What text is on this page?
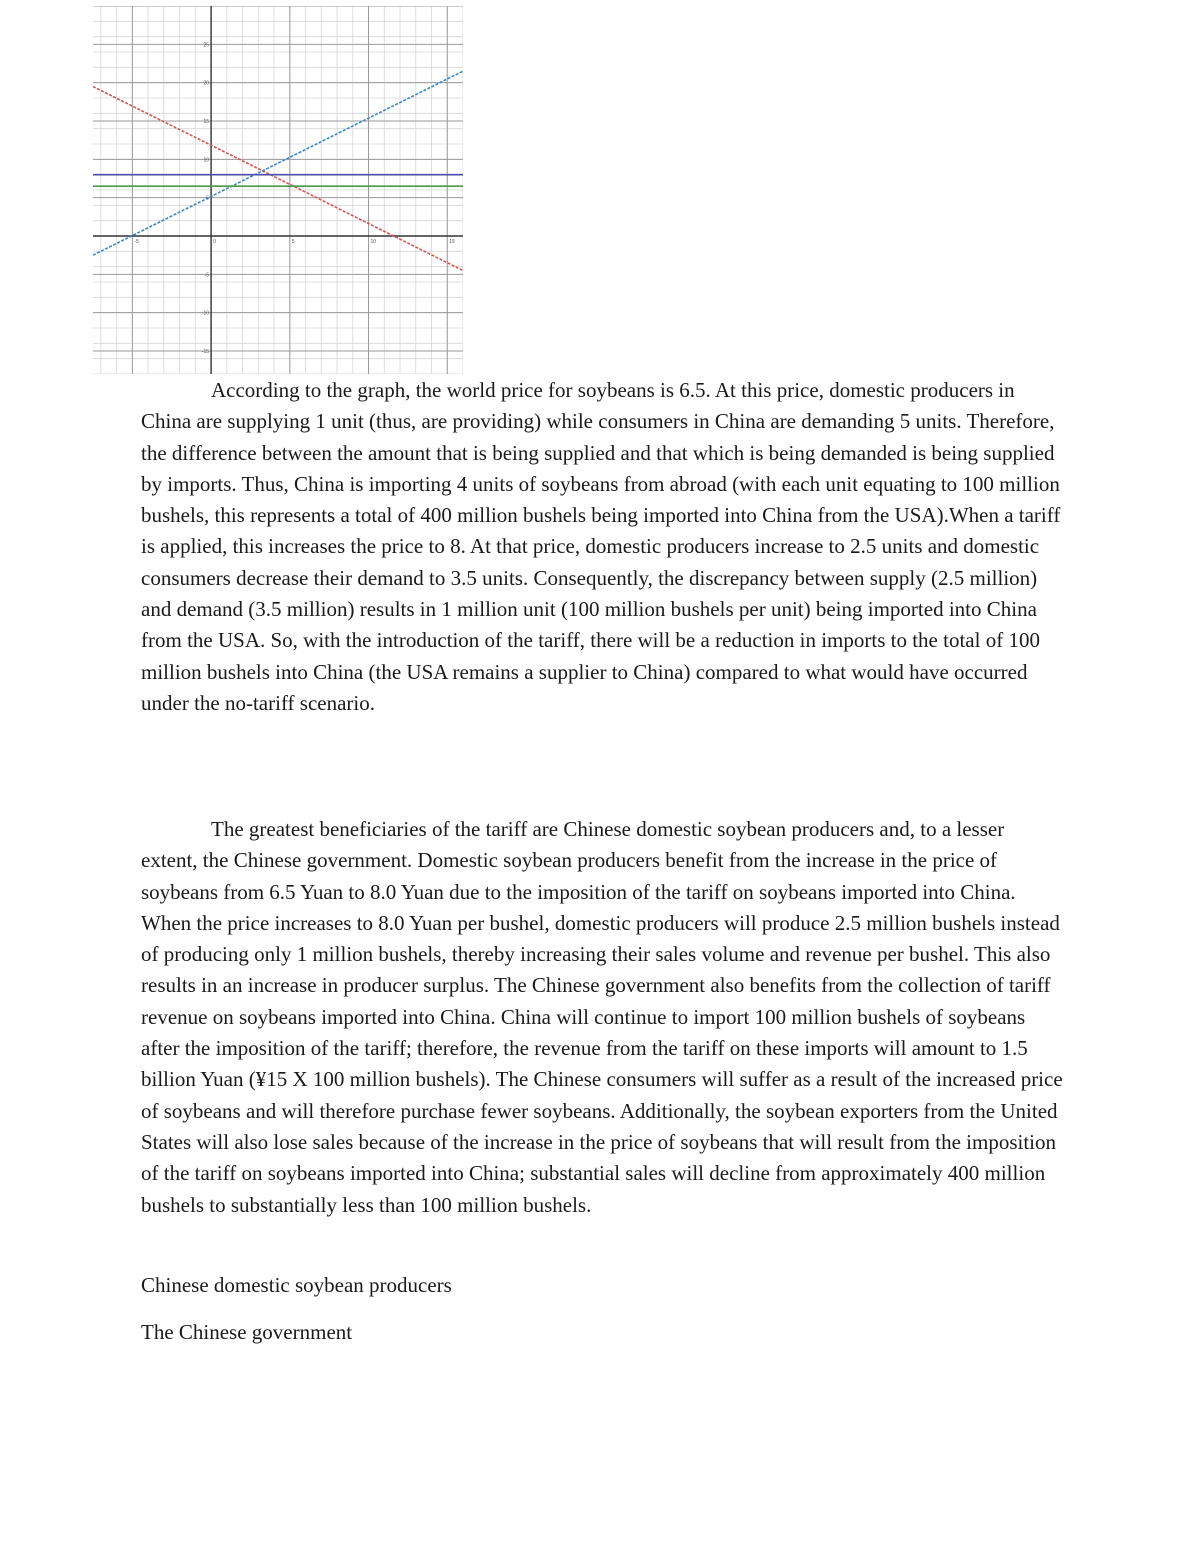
-5	0	5	10	15
-15
-10
-5
5
10
15
20
25

According to the graph, the world price for soybeans is 6.5. At this price, domestic producers in China are supplying 1 unit (thus, are providing) while consumers in China are demanding 5 units. Therefore, the difference between the amount that is being supplied and that which is being demanded is being supplied by imports. Thus, China is importing 4 units of soybeans from abroad (with each unit equating to 100 million bushels, this represents a total of 400 million bushels being imported into China from the USA).When a tariff is applied, this increases the price to 8. At that price, domestic producers increase to 2.5 units and domestic consumers decrease their demand to 3.5 units. Consequently, the discrepancy between supply (2.5 million) and demand (3.5 million) results in 1 million unit (100 million bushels per unit) being imported into China from the USA. So, with the introduction of the tariff, there will be a reduction in imports to the total of 100 million bushels into China (the USA remains a supplier to China) compared to what would have occurred under the no-tariff scenario.

The greatest beneficiaries of the tariff are Chinese domestic soybean producers and, to a lesser extent, the Chinese government. Domestic soybean producers benefit from the increase in the price of soybeans from 6.5 Yuan to 8.0 Yuan due to the imposition of the tariff on soybeans imported into China. When the price increases to 8.0 Yuan per bushel, domestic producers will produce 2.5 million bushels instead of producing only 1 million bushels, thereby increasing their sales volume and revenue per bushel. This also results in an increase in producer surplus. The Chinese government also benefits from the collection of tariff revenue on soybeans imported into China. China will continue to import 100 million bushels of soybeans after the imposition of the tariff; therefore, the revenue from the tariff on these imports will amount to 1.5 billion Yuan (¥15 X 100 million bushels). The Chinese consumers will suffer as a result of the increased price of soybeans and will therefore purchase fewer soybeans. Additionally, the soybean exporters from the United States will also lose sales because of the increase in the price of soybeans that will result from the imposition of the tariff on soybeans imported into China; substantial sales will decline from approximately 400 million bushels to substantially less than 100 million bushels.

Chinese domestic soybean producers

The Chinese government
